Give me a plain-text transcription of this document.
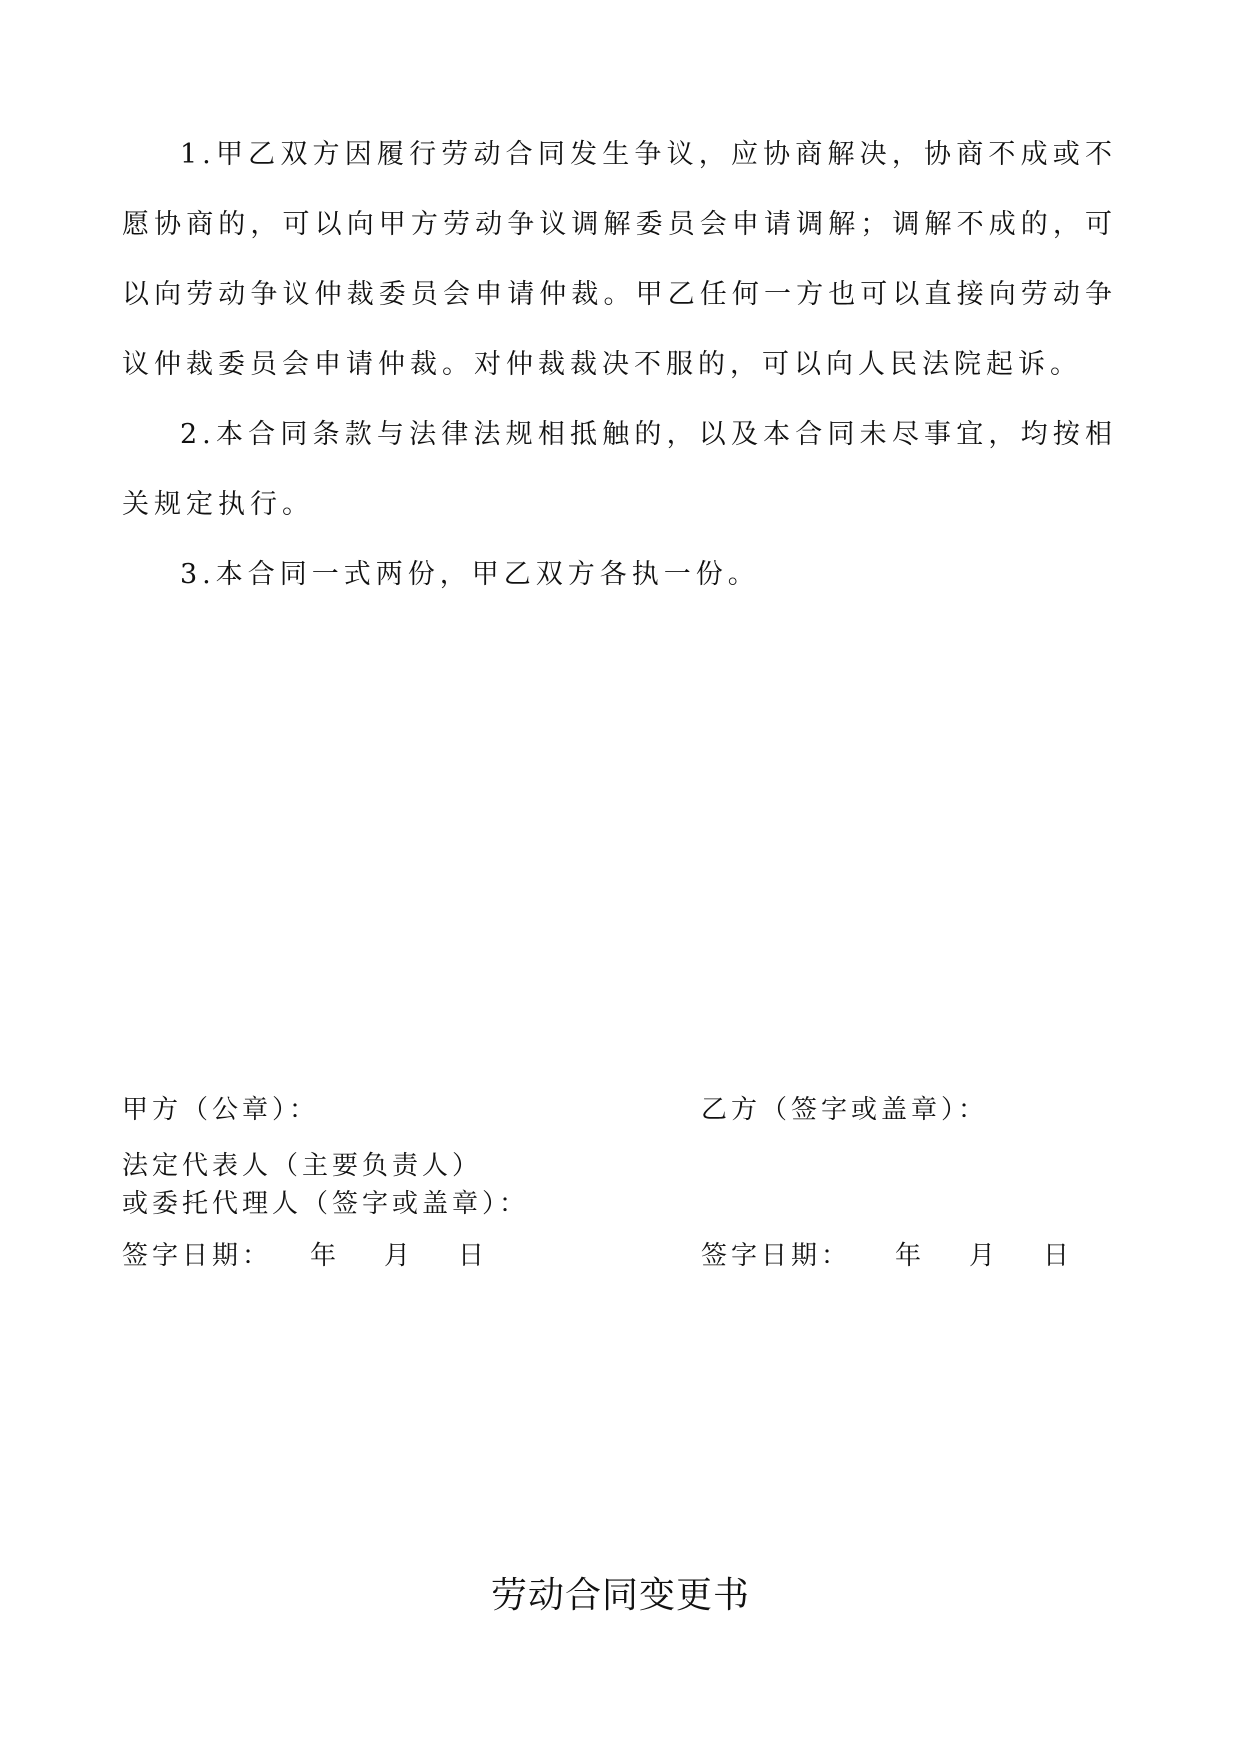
1.甲乙双方因履行劳动合同发生争议，应协商解决，协商不成或不愿协商的，可以向甲方劳动争议调解委员会申请调解；调解不成的，可以向劳动争议仲裁委员会申请仲裁。甲乙任何一方也可以直接向劳动争议仲裁委员会申请仲裁。对仲裁裁决不服的，可以向人民法院起诉。

2.本合同条款与法律法规相抵触的，以及本合同未尽事宜，均按相关规定执行。

3.本合同一式两份，甲乙双方各执一份。

甲方（公章）：	乙方（签字或盖章）：
法定代表人（主要负责人）
或委托代理人（签字或盖章）：
签字日期： 年 月 日	签字日期： 年 月 日
劳动合同变更书
